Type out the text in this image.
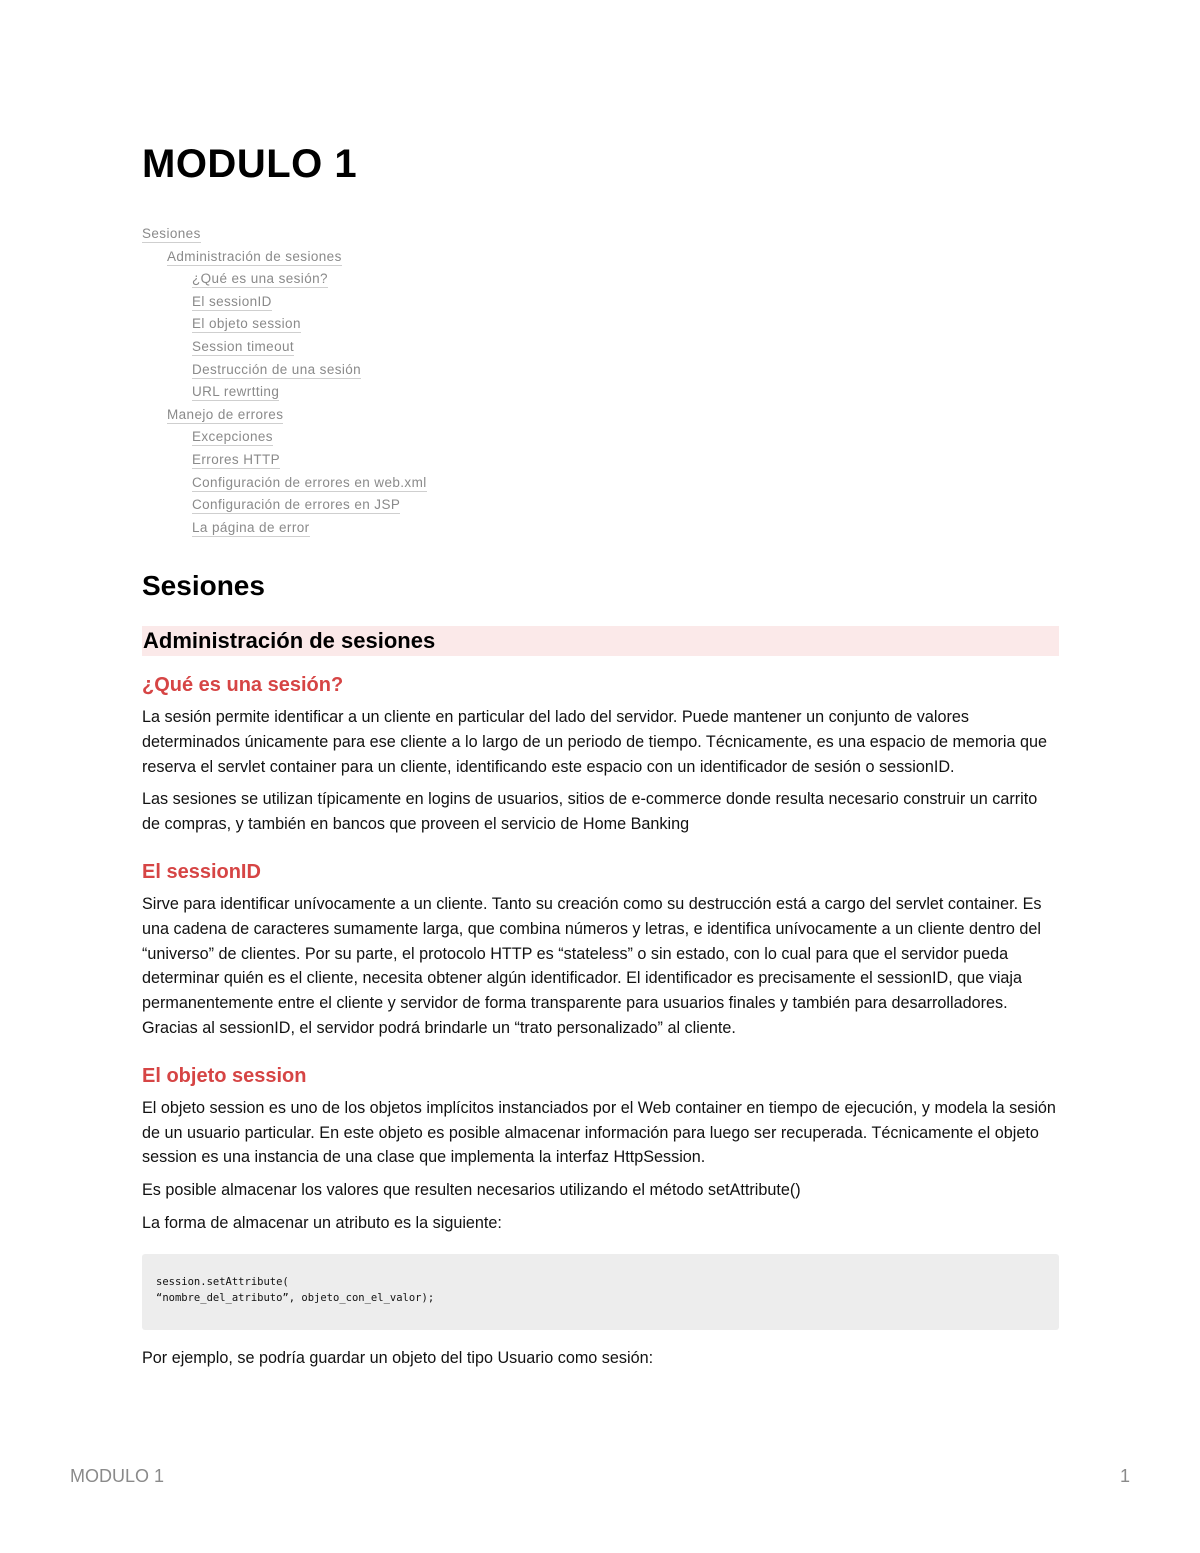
MODULO 1
Sesiones
Administración de sesiones
¿Qué es una sesión?
El sessionID
El objeto session
Session timeout
Destrucción de una sesión
URL rewrtting
Manejo de errores
Excepciones
Errores HTTP
Configuración de errores en web.xml
Configuración de errores en JSP
La página de error
Sesiones
Administración de sesiones
¿Qué es una sesión?

La sesión permite identificar a un cliente en particular del lado del servidor. Puede mantener un conjunto de valores determinados únicamente para ese cliente a lo largo de un periodo de tiempo. Técnicamente, es una espacio de memoria que reserva el servlet container para un cliente, identificando este espacio con un identificador de sesión o sessionID.

Las sesiones se utilizan típicamente en logins de usuarios, sitios de e-commerce donde resulta necesario construir un carrito de compras, y también en bancos que proveen el servicio de Home Banking

El sessionID

Sirve para identificar unívocamente a un cliente. Tanto su creación como su destrucción está a cargo del servlet container. Es una cadena de caracteres sumamente larga, que combina números y letras, e identifica unívocamente a un cliente dentro del “universo” de clientes. Por su parte, el protocolo HTTP es “stateless” o sin estado, con lo cual para que el servidor pueda determinar quién es el cliente, necesita obtener algún identificador. El identificador es precisamente el sessionID, que viaja permanentemente entre el cliente y servidor de forma transparente para usuarios finales y también para desarrolladores. Gracias al sessionID, el servidor podrá brindarle un “trato personalizado” al cliente.

El objeto session

El objeto session es uno de los objetos implícitos instanciados por el Web container en tiempo de ejecución, y modela la sesión de un usuario particular. En este objeto es posible almacenar información para luego ser recuperada. Técnicamente el objeto session es una instancia de una clase que implementa la interfaz HttpSession.

Es posible almacenar los valores que resulten necesarios utilizando el método setAttribute()

La forma de almacenar un atributo es la siguiente:

session.setAttribute(
“nombre_del_atributo”, objeto_con_el_valor);

Por ejemplo, se podría guardar un objeto del tipo Usuario como sesión:

MODULO 1	1
